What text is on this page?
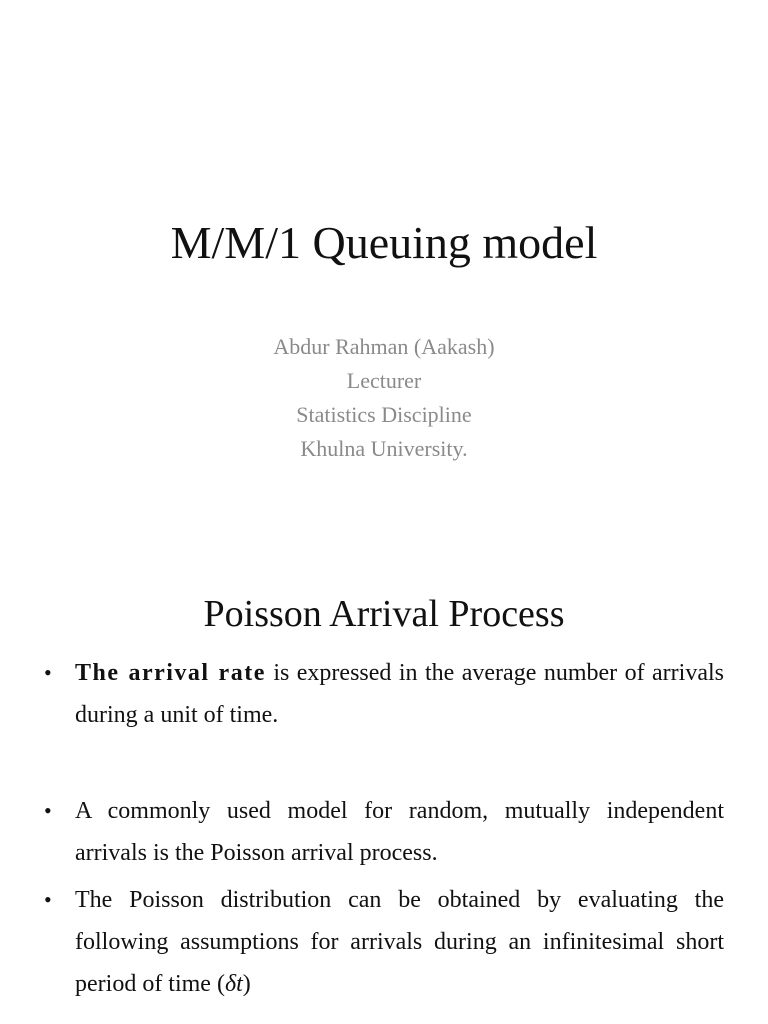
M/M/1 Queuing model
Abdur Rahman (Aakash)
Lecturer
Statistics Discipline
Khulna University.
Poisson Arrival Process
• The arrival rate is expressed in the average number of arrivals during a unit of time.
• A commonly used model for random, mutually independent arrivals is the Poisson arrival process.
• The Poisson distribution can be obtained by evaluating the following assumptions for arrivals during an infinitesimal short period of time (δt)
